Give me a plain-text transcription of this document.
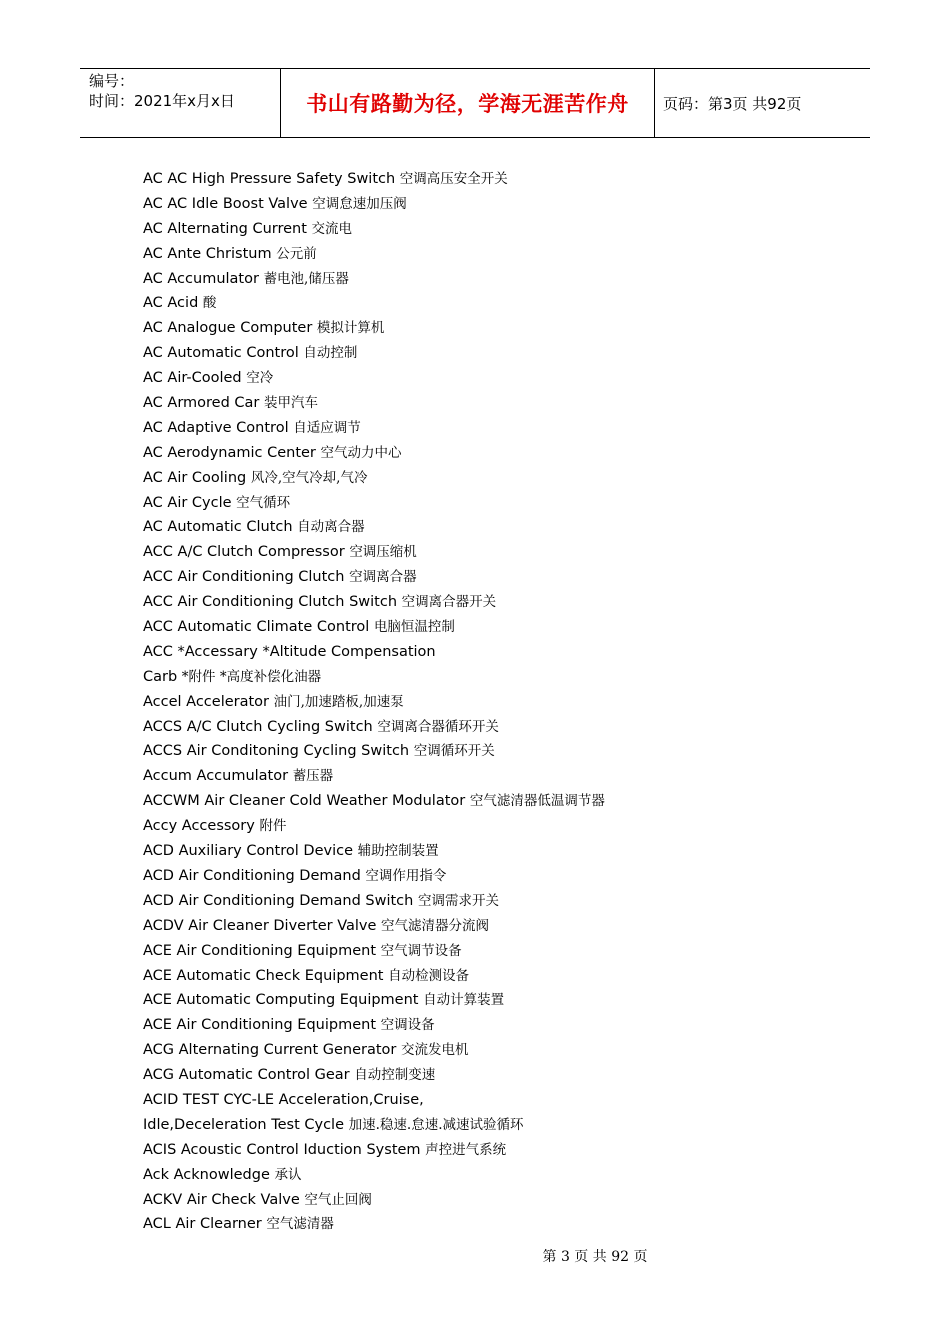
编号：
时间：2021年x月x日	书山有路勤为径，学海无涯苦作舟	页码：第3页 共92页
AC AC High Pressure Safety Switch 空调高压安全开关
AC AC Idle Boost Valve 空调怠速加压阀
AC Alternating Current 交流电
AC Ante Christum 公元前
AC Accumulator 蓄电池,储压器
AC Acid 酸
AC Analogue Computer 模拟计算机
AC Automatic Control 自动控制
AC Air-Cooled 空冷
AC Armored Car 装甲汽车
AC Adaptive Control 自适应调节
AC Aerodynamic Center 空气动力中心
AC Air Cooling 风冷,空气冷却,气冷
AC Air Cycle 空气循环
AC Automatic Clutch 自动离合器
ACC A/C Clutch Compressor 空调压缩机
ACC Air Conditioning Clutch 空调离合器
ACC Air Conditioning Clutch Switch 空调离合器开关
ACC Automatic Climate Control 电脑恒温控制
ACC *Accessary *Altitude Compensation
Carb *附件 *高度补偿化油器
Accel Accelerator 油门,加速踏板,加速泵
ACCS A/C Clutch Cycling Switch 空调离合器循环开关
ACCS Air Conditoning Cycling Switch 空调循环开关
Accum Accumulator 蓄压器
ACCWM Air Cleaner Cold Weather Modulator 空气滤清器低温调节器
Accy Accessory 附件
ACD Auxiliary Control Device 辅助控制装置
ACD Air Conditioning Demand 空调作用指令
ACD Air Conditioning Demand Switch 空调需求开关
ACDV Air Cleaner Diverter Valve 空气滤清器分流阀
ACE Air Conditioning Equipment 空气调节设备
ACE Automatic Check Equipment 自动检测设备
ACE Automatic Computing Equipment 自动计算装置
ACE Air Conditioning Equipment 空调设备
ACG Alternating Current Generator 交流发电机
ACG Automatic Control Gear 自动控制变速
ACID TEST CYC-LE Acceleration,Cruise,
Idle,Deceleration Test Cycle 加速.稳速.怠速.减速试验循环
ACIS Acoustic Control Iduction System 声控进气系统
Ack Acknowledge 承认
ACKV Air Check Valve 空气止回阀
ACL Air Clearner 空气滤清器
第 3 页 共 92 页
